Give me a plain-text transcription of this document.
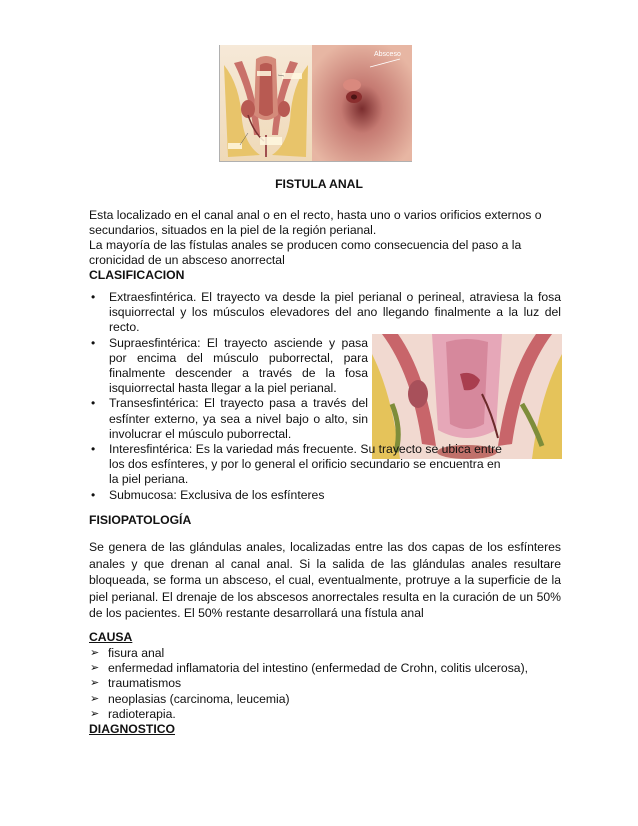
Absceso
FISTULA ANAL

Esta localizado en el canal anal o en el recto, hasta uno o varios orificios externos o secundarios, situados en la piel de la región perianal.

La mayoría de las fístulas anales se producen como consecuencia del paso a la cronicidad de un absceso anorrectal

CLASIFICACION
• Extraesfintérica. El trayecto va desde la piel perianal o perineal, atraviesa la fosa isquiorrectal y los músculos elevadores del ano llegando finalmente a la luz del recto.
• Supraesfintérica: El trayecto asciende y pasa por encima del músculo puborrectal, para finalmente descender a través de la fosa isquiorrectal hasta llegar a la piel perianal.
• Transesfintérica: El trayecto pasa a través del esfínter externo, ya sea a nivel bajo o alto, sin involucrar el músculo puborrectal.
• Interesfintérica: Es la variedad más frecuente. Su trayecto se ubica entre los dos esfínteres, y por lo general el orificio secundario se encuentra en la piel periana.
• Submucosa: Exclusiva de los esfínteres
FISIOPATOLOGÍA

Se genera de las glándulas anales, localizadas entre las dos capas de los esfínteres anales y que drenan al canal anal. Si la salida de las glándulas anales resultare bloqueada, se forma un absceso, el cual, eventualmente, protruye a la superficie de la piel perianal. El drenaje de los abscesos anorrectales resulta en la curación de un 50% de los pacientes. El 50% restante desarrollará una fístula anal

CAUSA
➢ fisura anal
➢ enfermedad inflamatoria del intestino (enfermedad de Crohn, colitis ulcerosa),
➢ traumatismos
➢ neoplasias (carcinoma, leucemia)
➢ radioterapia.
DIAGNOSTICO
